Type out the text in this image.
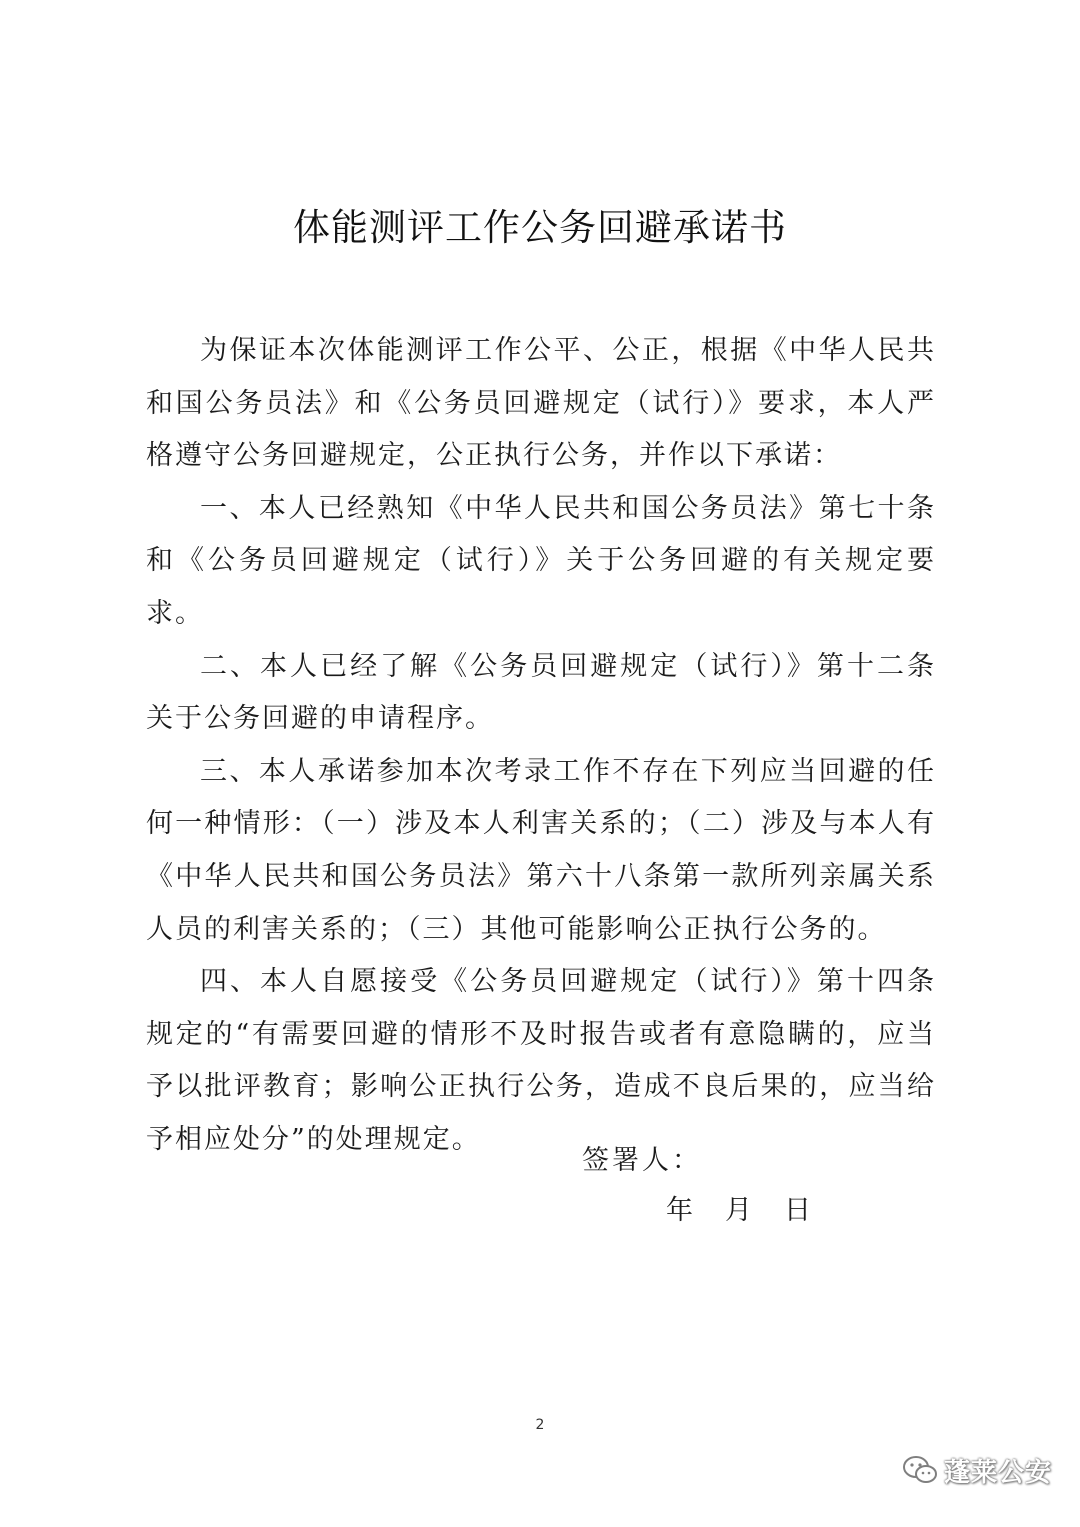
体能测评工作公务回避承诺书

为保证本次体能测评工作公平、公正，根据《中华人民共和国公务员法》和《公务员回避规定（试行）》要求，本人严格遵守公务回避规定，公正执行公务，并作以下承诺：

一、本人已经熟知《中华人民共和国公务员法》第七十条和《公务员回避规定（试行）》关于公务回避的有关规定要求。

二、本人已经了解《公务员回避规定（试行）》第十二条关于公务回避的申请程序。

三、本人承诺参加本次考录工作不存在下列应当回避的任何一种情形：（一）涉及本人利害关系的；（二）涉及与本人有《中华人民共和国公务员法》第六十八条第一款所列亲属关系人员的利害关系的；（三）其他可能影响公正执行公务的。

四、本人自愿接受《公务员回避规定（试行）》第十四条规定的“有需要回避的情形不及时报告或者有意隐瞒的，应当予以批评教育；影响公正执行公务，造成不良后果的，应当给予相应处分”的处理规定。

签署人：
年 月 日
2
蓬莱公安
